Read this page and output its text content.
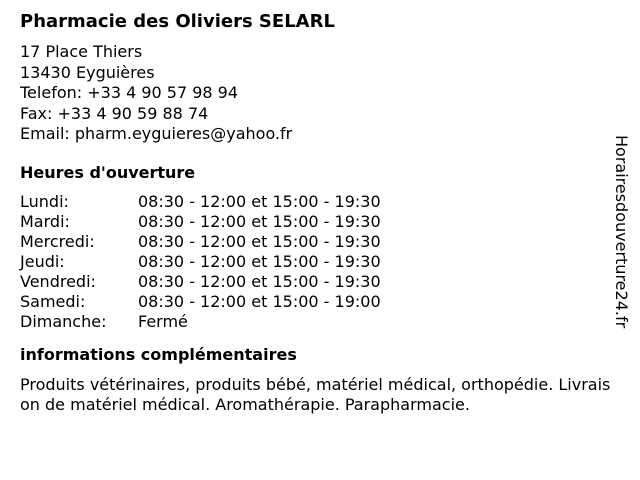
Pharmacie des Oliviers SELARL
17 Place Thiers
13430 Eyguières
Telefon: +33 4 90 57 98 94
Fax: +33 4 90 59 88 74
Email: pharm.eyguieres@yahoo.fr
Heures d'ouverture
Lundi:	08:30 - 12:00 et 15:00 - 19:30
Mardi:	08:30 - 12:00 et 15:00 - 19:30
Mercredi:	08:30 - 12:00 et 15:00 - 19:30
Jeudi:	08:30 - 12:00 et 15:00 - 19:30
Vendredi:	08:30 - 12:00 et 15:00 - 19:30
Samedi:	08:30 - 12:00 et 15:00 - 19:00
Dimanche:	Fermé
informations complémentaires
Produits vétérinaires, produits bébé, matériel médical, orthopédie. Livraison de matériel médical. Aromathérapie. Parapharmacie.
Horairesdouverture24.fr
